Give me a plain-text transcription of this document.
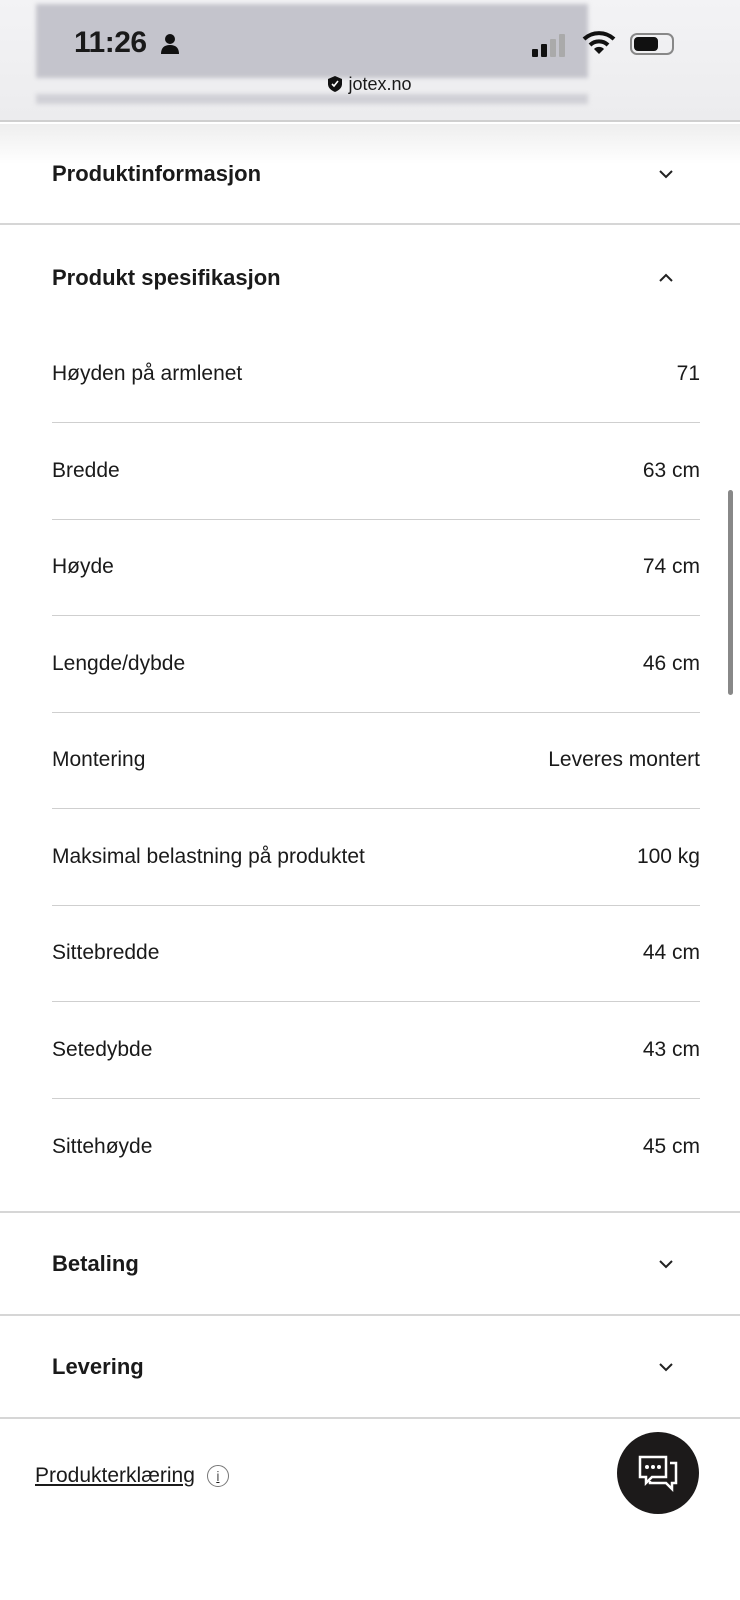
11:26
jotex.no
Produktinformasjon
Produkt spesifikasjon
Høyden på armlenet	71
Bredde	63 cm
Høyde	74 cm
Lengde/dybde	46 cm
Montering	Leveres montert
Maksimal belastning på produktet	100 kg
Sittebredde	44 cm
Setedybde	43 cm
Sittehøyde	45 cm
Betaling
Levering
Produkterklæring	i
